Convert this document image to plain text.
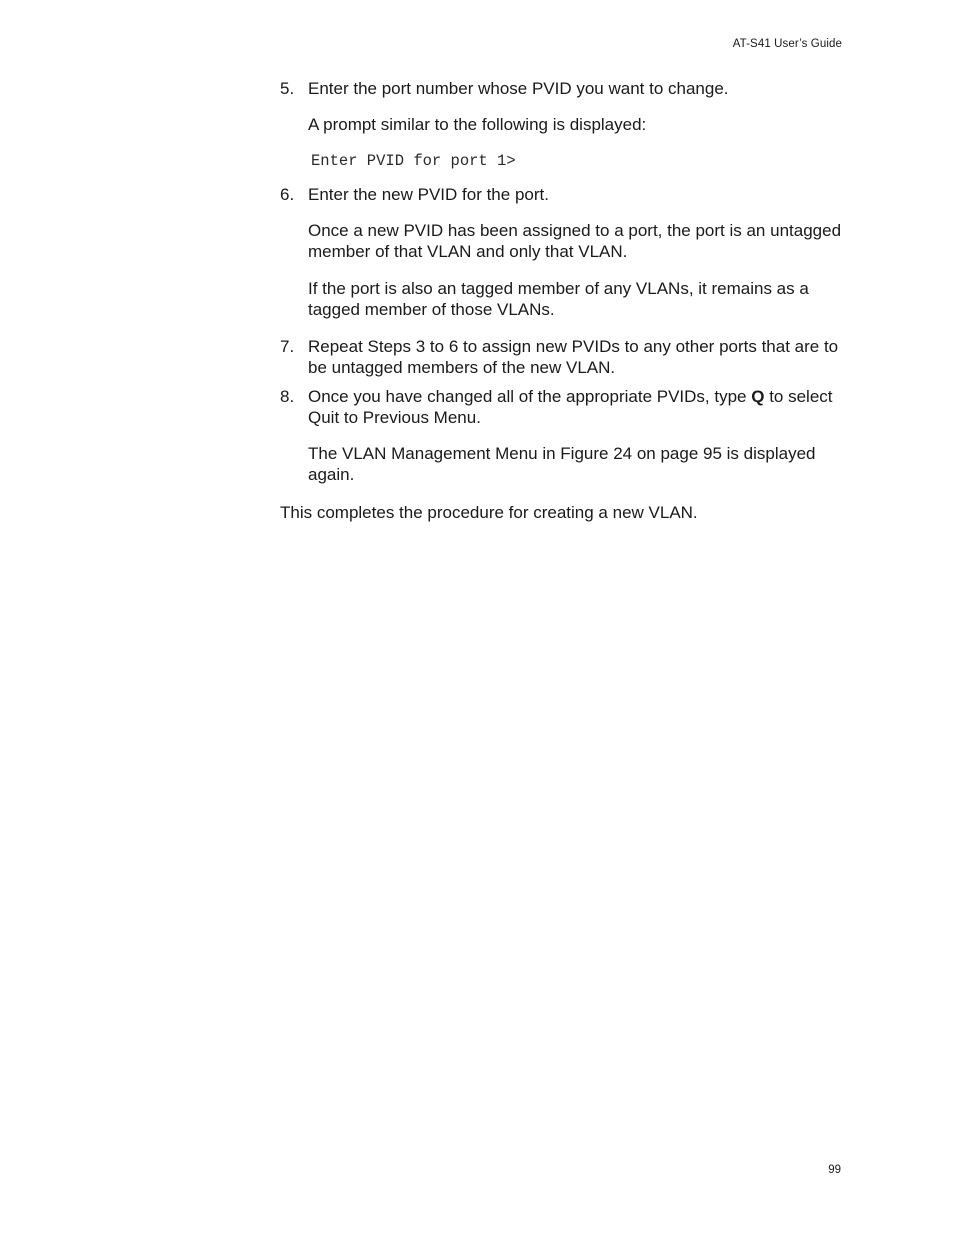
AT-S41 User’s Guide
5. Enter the port number whose PVID you want to change.

A prompt similar to the following is displayed:

Enter PVID for port 1>

6. Enter the new PVID for the port.

Once a new PVID has been assigned to a port, the port is an untagged member of that VLAN and only that VLAN.

If the port is also an tagged member of any VLANs, it remains as a tagged member of those VLANs.

7. Repeat Steps 3 to 6 to assign new PVIDs to any other ports that are to be untagged members of the new VLAN.
8. Once you have changed all of the appropriate PVIDs, type Q to select Quit to Previous Menu.

The VLAN Management Menu in Figure 24 on page 95 is displayed again.

This completes the procedure for creating a new VLAN.

99
